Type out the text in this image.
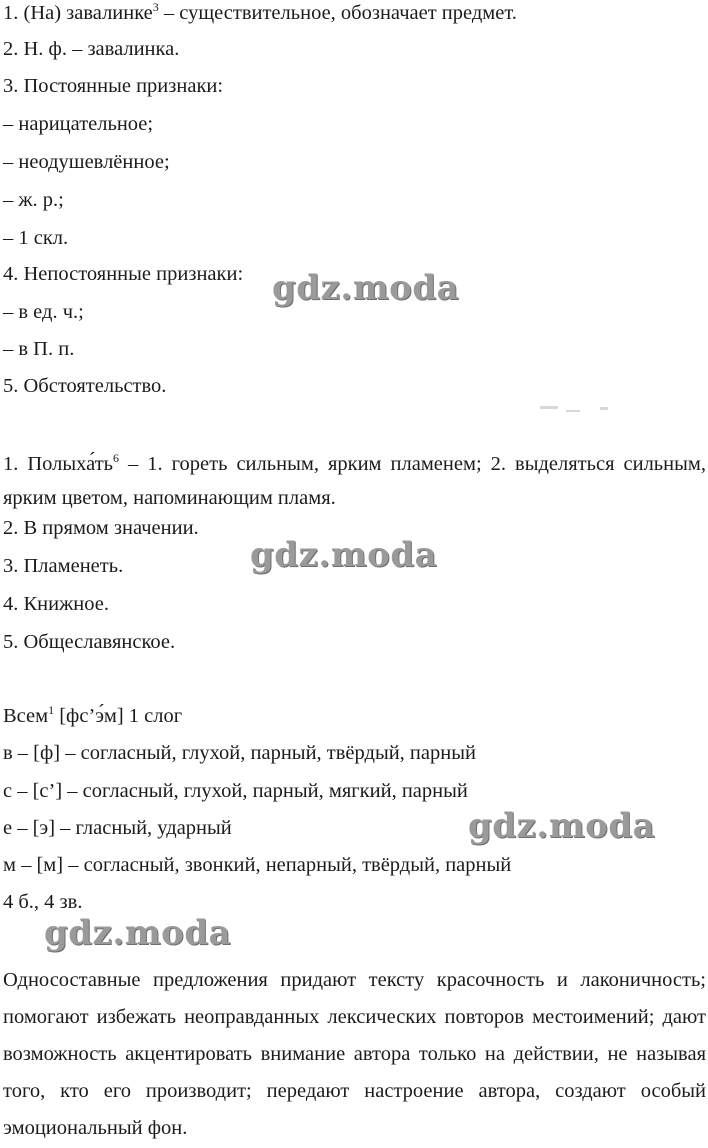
1. (На) завалинке$^3$ – существительное, обозначает предмет.
2. Н. ф. – завалинка.
3. Постоянные признаки:
– нарицательное;
– неодушевлённое;
– ж. р.;
– 1 скл.
4. Непостоянные признаки:
– в ед. ч.;
– в П. п.
5. Обстоятельство.
1. $Полыха́ть^6 - 1$. гореть сильным, ярким пламенем; 2. выделяться сильным, ярким цветом, напоминающим пламя.
2. В прямом значении.
3. Пламенеть.
4. Книжное.
5. Общеславянское.
Всем$^1$ [фс’э́м] 1 слог
в – [ф] – согласный, глухой, парный, твёрдый, парный
с – [с’] – согласный, глухой, парный, мягкий, парный
е – [э] – гласный, ударный
м – [м] – согласный, звонкий, непарный, твёрдый, парный
4 б., 4 зв.
Односоставные предложения придают тексту красочность и лаконичность; помогают избежать неоправданных лексических повторов местоимений; дают возможность акцентировать внимание автора только на действии, не называя того, кто его производит; передают настроение автора, создают особый эмоциональный фон.
gdz.moda
gdz.moda
gdz.moda
gdz.moda
